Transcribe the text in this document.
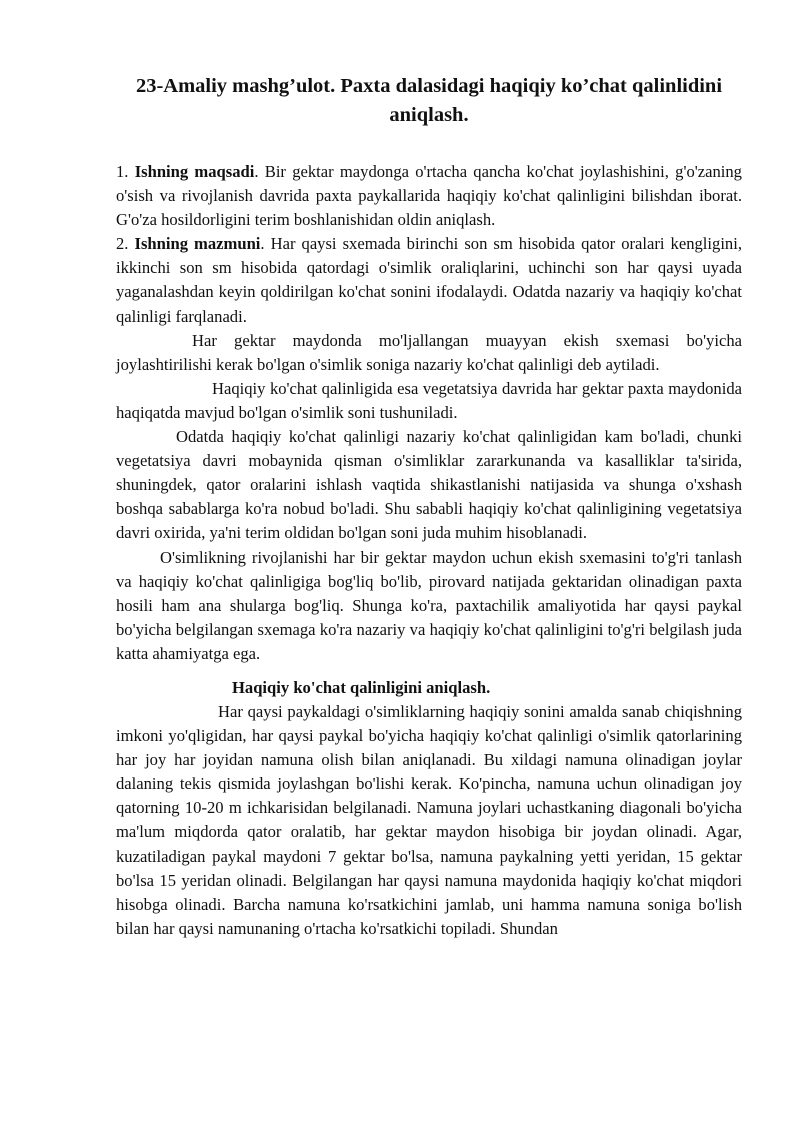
23-Amaliy mashg’ulot. Paxta dalasidagi haqiqiy ko’chat qalinlidini aniqlash.

1. Ishning maqsadi. Bir gektar maydonga o'rtacha qancha ko'chat joylashishini, g'o'zaning o'sish va rivojlanish davrida paxta paykallarida haqiqiy ko'chat qalinligini bilishdan iborat. G'o'za hosildorligini terim boshlanishidan oldin aniqlash.

2. Ishning mazmuni. Har qaysi sxemada birinchi son sm hisobida qator oralari kengligini, ikkinchi son sm hisobida qatordagi o'simlik oraliqlarini, uchinchi son har qaysi uyada yaganalashdan keyin qoldirilgan ko'chat sonini ifodalaydi. Odatda nazariy va haqiqiy ko'chat qalinligi farqlanadi.

Har gektar maydonda mo'ljallangan muayyan ekish sxemasi bo'yicha joylashtirilishi kerak bo'lgan o'simlik soniga nazariy ko'chat qalinligi deb aytiladi.

Haqiqiy ko'chat qalinligida esa vegetatsiya davrida har gektar paxta maydonida haqiqatda mavjud bo'lgan o'simlik soni tushuniladi.

Odatda haqiqiy ko'chat qalinligi nazariy ko'chat qalinligidan kam bo'ladi, chunki vegetatsiya davri mobaynida qisman o'simliklar zararkunanda va kasalliklar ta'sirida, shuningdek, qator oralarini ishlash vaqtida shikastlanishi natijasida va shunga o'xshash boshqa sabablarga ko'ra nobud bo'ladi. Shu sababli haqiqiy ko'chat qalinligining vegetatsiya davri oxirida, ya'ni terim oldidan bo'lgan soni juda muhim hisoblanadi.

O'simlikning rivojlanishi har bir gektar maydon uchun ekish sxemasini to'g'ri tanlash va haqiqiy ko'chat qalinligiga bog'liq bo'lib, pirovard natijada gektaridan olinadigan paxta hosili ham ana shularga bog'liq. Shunga ko'ra, paxtachilik amaliyotida har qaysi paykal bo'yicha belgilangan sxemaga ko'ra nazariy va haqiqiy ko'chat qalinligini to'g'ri belgilash juda katta ahamiyatga ega.

Haqiqiy ko'chat qalinligini aniqlash.

Har qaysi paykaldagi o'simliklarning haqiqiy sonini amalda sanab chiqishning imkoni yo'qligidan, har qaysi paykal bo'yicha haqiqiy ko'chat qalinligi o'simlik qatorlarining har joy har joyidan namuna olish bilan aniqlanadi. Bu xildagi namuna olinadigan joylar dalaning tekis qismida joylashgan bo'lishi kerak. Ko'pincha, namuna uchun olinadigan joy qatorning 10-20 m ichkarisidan belgilanadi. Namuna joylari uchastkaning diagonali bo'yicha ma'lum miqdorda qator oralatib, har gektar maydon hisobiga bir joydan olinadi. Agar, kuzatiladigan paykal maydoni 7 gektar bo'lsa, namuna paykalning yetti yeridan, 15 gektar bo'lsa 15 yeridan olinadi. Belgilangan har qaysi namuna maydonida haqiqiy ko'chat miqdori hisobga olinadi. Barcha namuna ko'rsatkichini jamlab, uni hamma namuna soniga bo'lish bilan har qaysi namunaning o'rtacha ko'rsatkichi topiladi. Shundan
